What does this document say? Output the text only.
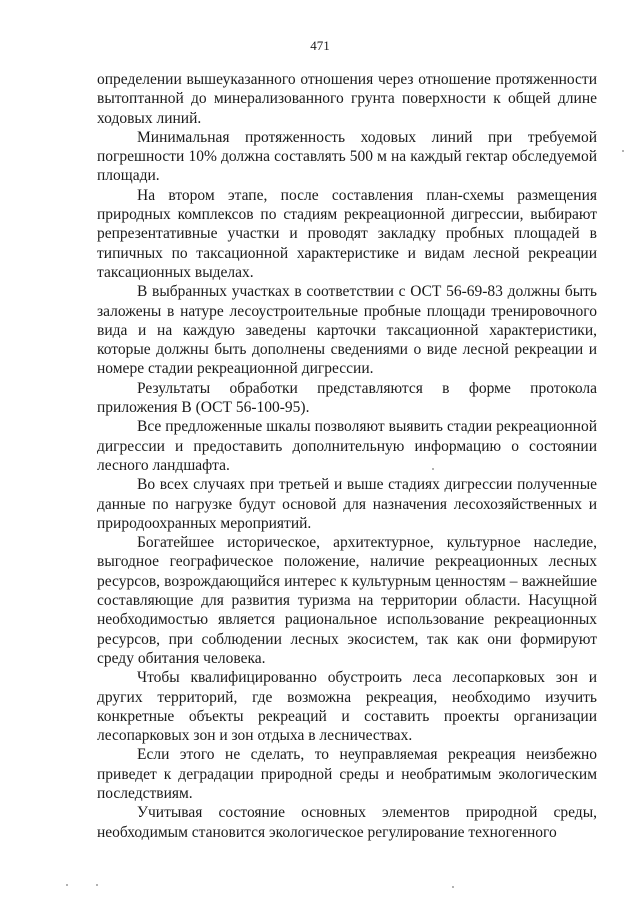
471

определении вышеуказанного отношения через отношение протяженности вытоптанной до минерализованного грунта поверхности к общей длине ходовых линий.

Минимальная протяженность ходовых линий при требуемой погрешности 10% должна составлять 500 м на каждый гектар обследуемой площади.

На втором этапе, после составления план-схемы размещения природных комплексов по стадиям рекреационной дигрессии, выбирают репрезентативные участки и проводят закладку пробных площадей в типичных по таксационной характеристике и видам лесной рекреации таксационных выделах.

В выбранных участках в соответствии с ОСТ 56-69-83 должны быть заложены в натуре лесоустроительные пробные площади тренировочного вида и на каждую заведены карточки таксационной характеристики, которые должны быть дополнены сведениями о виде лесной рекреации и номере стадии рекреационной дигрессии.

Результаты обработки представляются в форме протокола приложения В (ОСТ 56-100-95).

Все предложенные шкалы позволяют выявить стадии рекреационной дигрессии и предоставить дополнительную информацию о состоянии лесного ландшафта.

Во всех случаях при третьей и выше стадиях дигрессии полученные данные по нагрузке будут основой для назначения лесохозяйственных и природоохранных мероприятий.

Богатейшее историческое, архитектурное, культурное наследие, выгодное географическое положение, наличие рекреационных лесных ресурсов, возрождающийся интерес к культурным ценностям – важнейшие составляющие для развития туризма на территории области. Насущной необходимостью является рациональное использование рекреационных ресурсов, при соблюдении лесных экосистем, так как они формируют среду обитания человека.

Чтобы квалифицированно обустроить леса лесопарковых зон и других территорий, где возможна рекреация, необходимо изучить конкретные объекты рекреаций и составить проекты организации лесопарковых зон и зон отдыха в лесничествах.

Если этого не сделать, то неуправляемая рекреация неизбежно приведет к деградации природной среды и необратимым экологическим последствиям.

Учитывая состояние основных элементов природной среды, необходимым становится экологическое регулирование техногенного
